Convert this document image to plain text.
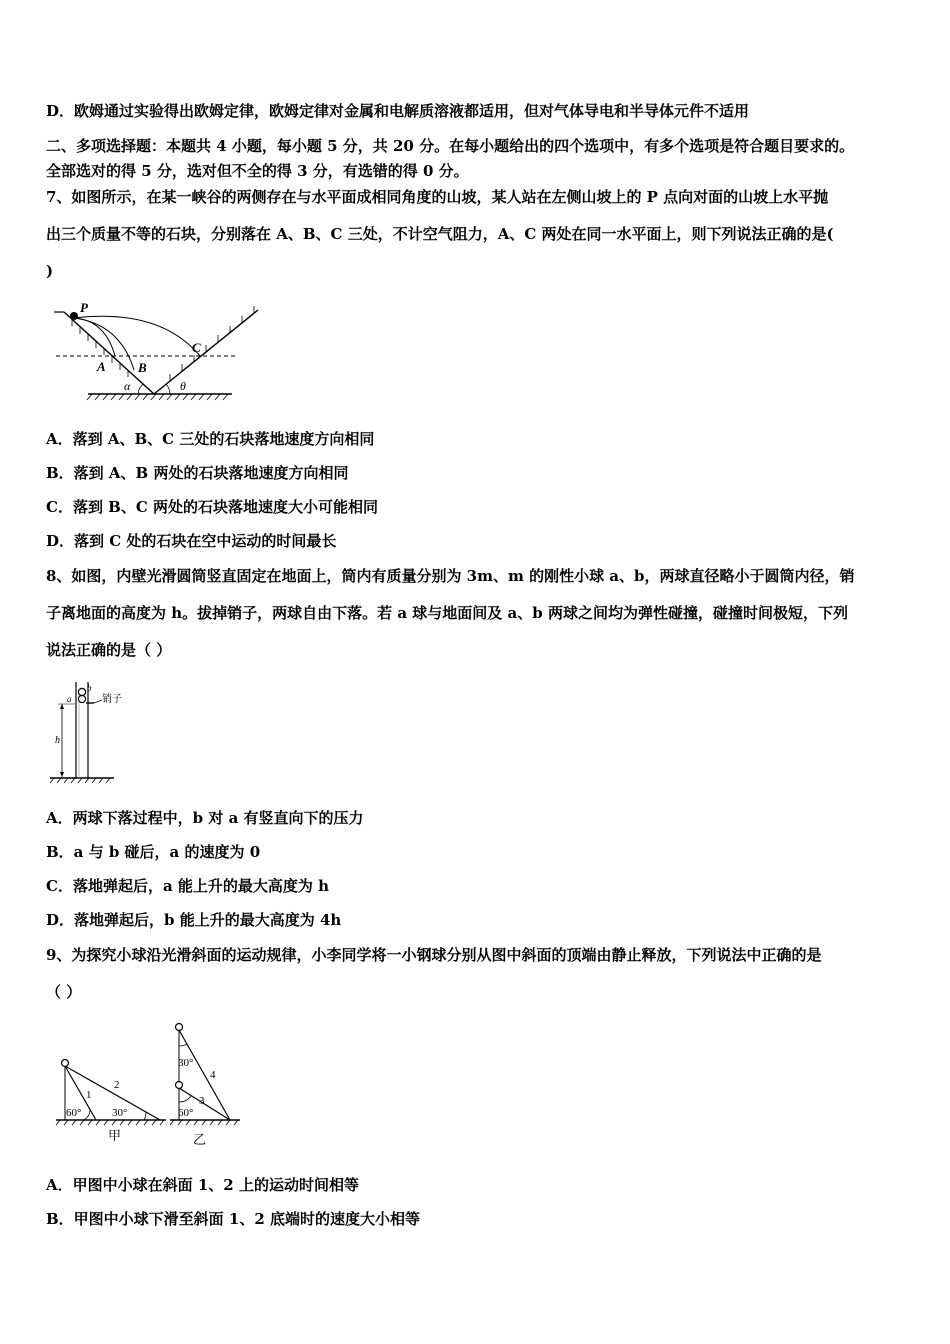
D．欧姆通过实验得出欧姆定律，欧姆定律对金属和电解质溶液都适用，但对气体导电和半导体元件不适用
二、多项选择题：本题共 4 小题，每小题 5 分，共 20 分。在每小题给出的四个选项中，有多个选项是符合题目要求的。
全部选对的得 5 分，选对但不全的得 3 分，有选错的得 0 分。
7、如图所示，在某一峡谷的两侧存在与水平面成相同角度的山坡，某人站在左侧山坡上的 P 点向对面的山坡上水平抛
出三个质量不等的石块，分别落在 A、B、C 三处，不计空气阻力，A、C 两处在同一水平面上，则下列说法正确的是(
)
P
A B
C
α	θ
A．落到 A、B、C 三处的石块落地速度方向相同
B．落到 A、B 两处的石块落地速度方向相同
C．落到 B、C 两处的石块落地速度大小可能相同
D．落到 C 处的石块在空中运动的时间最长
8、如图，内壁光滑圆筒竖直固定在地面上，筒内有质量分别为 3m、m 的刚性小球 a、b，两球直径略小于圆筒内径，销
子离地面的高度为 h。拔掉销子，两球自由下落。若 a 球与地面间及 a、b 两球之间均为弹性碰撞，碰撞时间极短，下列
说法正确的是（ ）
a
b
销子
h
A．两球下落过程中，b 对 a 有竖直向下的压力
B．a 与 b 碰后，a 的速度为 0
C．落地弹起后，a 能上升的最大高度为 h
D．落地弹起后，b 能上升的最大高度为 4h
9、为探究小球沿光滑斜面的运动规律，小李同学将一小钢球分别从图中斜面的顶端由静止释放，下列说法中正确的是
（ ）
1
2
60°	30°
甲
30°
4
3
60°
乙
A．甲图中小球在斜面 1、2 上的运动时间相等
B．甲图中小球下滑至斜面 1、2 底端时的速度大小相等
